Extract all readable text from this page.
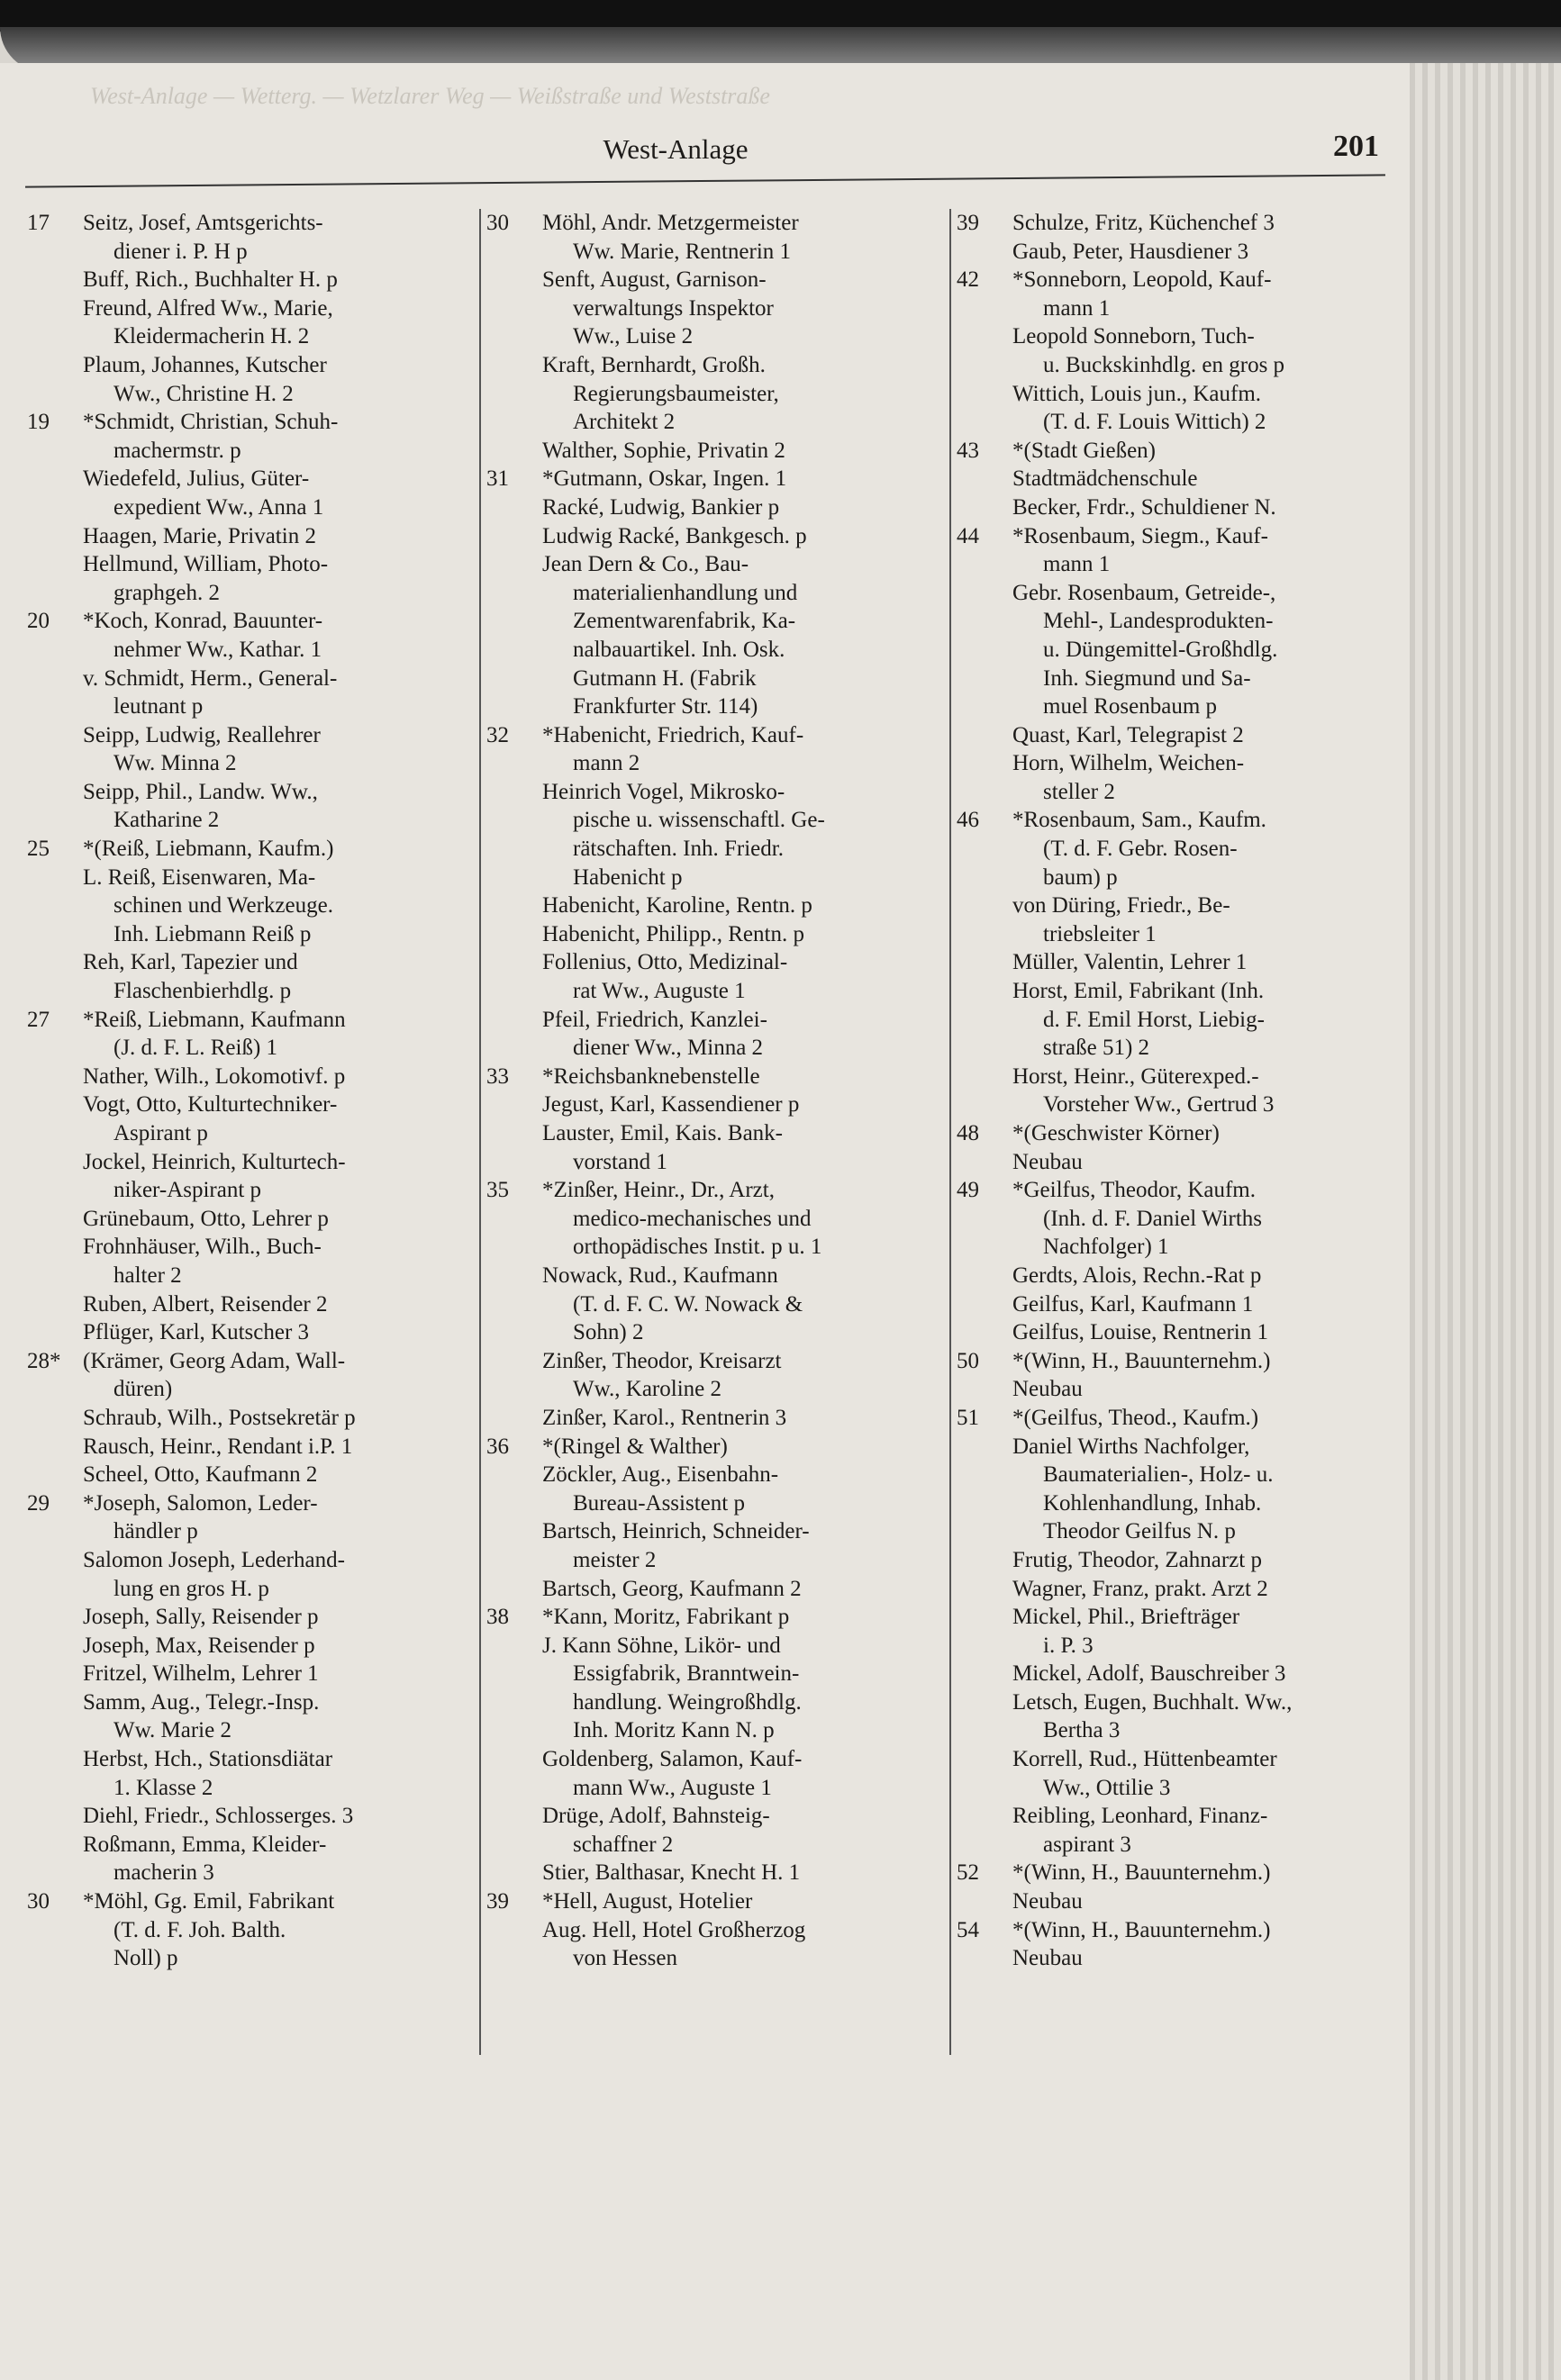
West-Anlage — Wetterg. — Wetzlarer Weg — Weißstraße und Weststraße
West-Anlage	201
17	Seitz, Josef, Amtsgerichts-
diener i. P. H p
Buff, Rich., Buchhalter H. p
Freund, Alfred Ww., Marie,
Kleidermacherin H. 2
Plaum, Johannes, Kutscher
Ww., Christine H. 2
19	*Schmidt, Christian, Schuh-
machermstr. p
Wiedefeld, Julius, Güter-
expedient Ww., Anna 1
Haagen, Marie, Privatin 2
Hellmund, William, Photo-
graphgeh. 2
20	*Koch, Konrad, Bauunter-
nehmer Ww., Kathar. 1
v. Schmidt, Herm., General-
leutnant p
Seipp, Ludwig, Reallehrer
Ww. Minna 2
Seipp, Phil., Landw. Ww.,
Katharine 2
25	*(Reiß, Liebmann, Kaufm.)
L. Reiß, Eisenwaren, Ma-
schinen und Werkzeuge.
Inh. Liebmann Reiß p
Reh, Karl, Tapezier und
Flaschenbierhdlg. p
27	*Reiß, Liebmann, Kaufmann
(J. d. F. L. Reiß) 1
Nather, Wilh., Lokomotivf. p
Vogt, Otto, Kulturtechniker-
Aspirant p
Jockel, Heinrich, Kulturtech-
niker-Aspirant p
Grünebaum, Otto, Lehrer p
Frohnhäuser, Wilh., Buch-
halter 2
Ruben, Albert, Reisender 2
Pflüger, Karl, Kutscher 3
28* (Krämer, Georg Adam, Wall-
düren)
Schraub, Wilh., Postsekretär p
Rausch, Heinr., Rendant i.P. 1
Scheel, Otto, Kaufmann 2
29	*Joseph, Salomon, Leder-
händler p
Salomon Joseph, Lederhand-
lung en gros H. p
Joseph, Sally, Reisender p
Joseph, Max, Reisender p
Fritzel, Wilhelm, Lehrer 1
Samm, Aug., Telegr.-Insp.
Ww. Marie 2
Herbst, Hch., Stationsdiätar
1. Klasse 2
Diehl, Friedr., Schlosserges. 3
Roßmann, Emma, Kleider-
macherin 3
30	*Möhl, Gg. Emil, Fabrikant
(T. d. F. Joh. Balth.
Noll) p
30	Möhl, Andr. Metzgermeister
Ww. Marie, Rentnerin 1
Senft, August, Garnison-
verwaltungs Inspektor
Ww., Luise 2
Kraft, Bernhardt, Großh.
Regierungsbaumeister,
Architekt 2
Walther, Sophie, Privatin 2
31	*Gutmann, Oskar, Ingen. 1
Racké, Ludwig, Bankier p
Ludwig Racké, Bankgesch. p
Jean Dern & Co., Bau-
materialienhandlung und
Zementwarenfabrik, Ka-
nalbauartikel. Inh. Osk.
Gutmann H. (Fabrik
Frankfurter Str. 114)
32	*Habenicht, Friedrich, Kauf-
mann 2
Heinrich Vogel, Mikrosko-
pische u. wissenschaftl. Ge-
rätschaften. Inh. Friedr.
Habenicht p
Habenicht, Karoline, Rentn. p
Habenicht, Philipp., Rentn. p
Follenius, Otto, Medizinal-
rat Ww., Auguste 1
Pfeil, Friedrich, Kanzlei-
diener Ww., Minna 2
33	*Reichsbanknebenstelle
Jegust, Karl, Kassendiener p
Lauster, Emil, Kais. Bank-
vorstand 1
35	*Zinßer, Heinr., Dr., Arzt,
medico-mechanisches und
orthopädisches Instit. p u. 1
Nowack, Rud., Kaufmann
(T. d. F. C. W. Nowack &
Sohn) 2
Zinßer, Theodor, Kreisarzt
Ww., Karoline 2
Zinßer, Karol., Rentnerin 3
36	*(Ringel & Walther)
Zöckler, Aug., Eisenbahn-
Bureau-Assistent p
Bartsch, Heinrich, Schneider-
meister 2
Bartsch, Georg, Kaufmann 2
38	*Kann, Moritz, Fabrikant p
J. Kann Söhne, Likör- und
Essigfabrik, Branntwein-
handlung. Weingroßhdlg.
Inh. Moritz Kann N. p
Goldenberg, Salamon, Kauf-
mann Ww., Auguste 1
Drüge, Adolf, Bahnsteig-
schaffner 2
Stier, Balthasar, Knecht H. 1
39	*Hell, August, Hotelier
Aug. Hell, Hotel Großherzog
von Hessen
39	Schulze, Fritz, Küchenchef 3
Gaub, Peter, Hausdiener 3
42	*Sonneborn, Leopold, Kauf-
mann 1
Leopold Sonneborn, Tuch-
u. Buckskinhdlg. en gros p
Wittich, Louis jun., Kaufm.
(T. d. F. Louis Wittich) 2
43	*(Stadt Gießen)
Stadtmädchenschule
Becker, Frdr., Schuldiener N.
44	*Rosenbaum, Siegm., Kauf-
mann 1
Gebr. Rosenbaum, Getreide-,
Mehl-, Landesprodukten-
u. Düngemittel-Großhdlg.
Inh. Siegmund und Sa-
muel Rosenbaum p
Quast, Karl, Telegrapist 2
Horn, Wilhelm, Weichen-
steller 2
46	*Rosenbaum, Sam., Kaufm.
(T. d. F. Gebr. Rosen-
baum) p
von Düring, Friedr., Be-
triebsleiter 1
Müller, Valentin, Lehrer 1
Horst, Emil, Fabrikant (Inh.
d. F. Emil Horst, Liebig-
straße 51) 2
Horst, Heinr., Güterexped.-
Vorsteher Ww., Gertrud 3
48	*(Geschwister Körner)
Neubau
49	*Geilfus, Theodor, Kaufm.
(Inh. d. F. Daniel Wirths
Nachfolger) 1
Gerdts, Alois, Rechn.-Rat p
Geilfus, Karl, Kaufmann 1
Geilfus, Louise, Rentnerin 1
50	*(Winn, H., Bauunternehm.)
Neubau
51	*(Geilfus, Theod., Kaufm.)
Daniel Wirths Nachfolger,
Baumaterialien-, Holz- u.
Kohlenhandlung, Inhab.
Theodor Geilfus N. p
Frutig, Theodor, Zahnarzt p
Wagner, Franz, prakt. Arzt 2
Mickel, Phil., Briefträger
i. P. 3
Mickel, Adolf, Bauschreiber 3
Letsch, Eugen, Buchhalt. Ww.,
Bertha 3
Korrell, Rud., Hüttenbeamter
Ww., Ottilie 3
Reibling, Leonhard, Finanz-
aspirant 3
52	*(Winn, H., Bauunternehm.)
Neubau
54	*(Winn, H., Bauunternehm.)
Neubau
